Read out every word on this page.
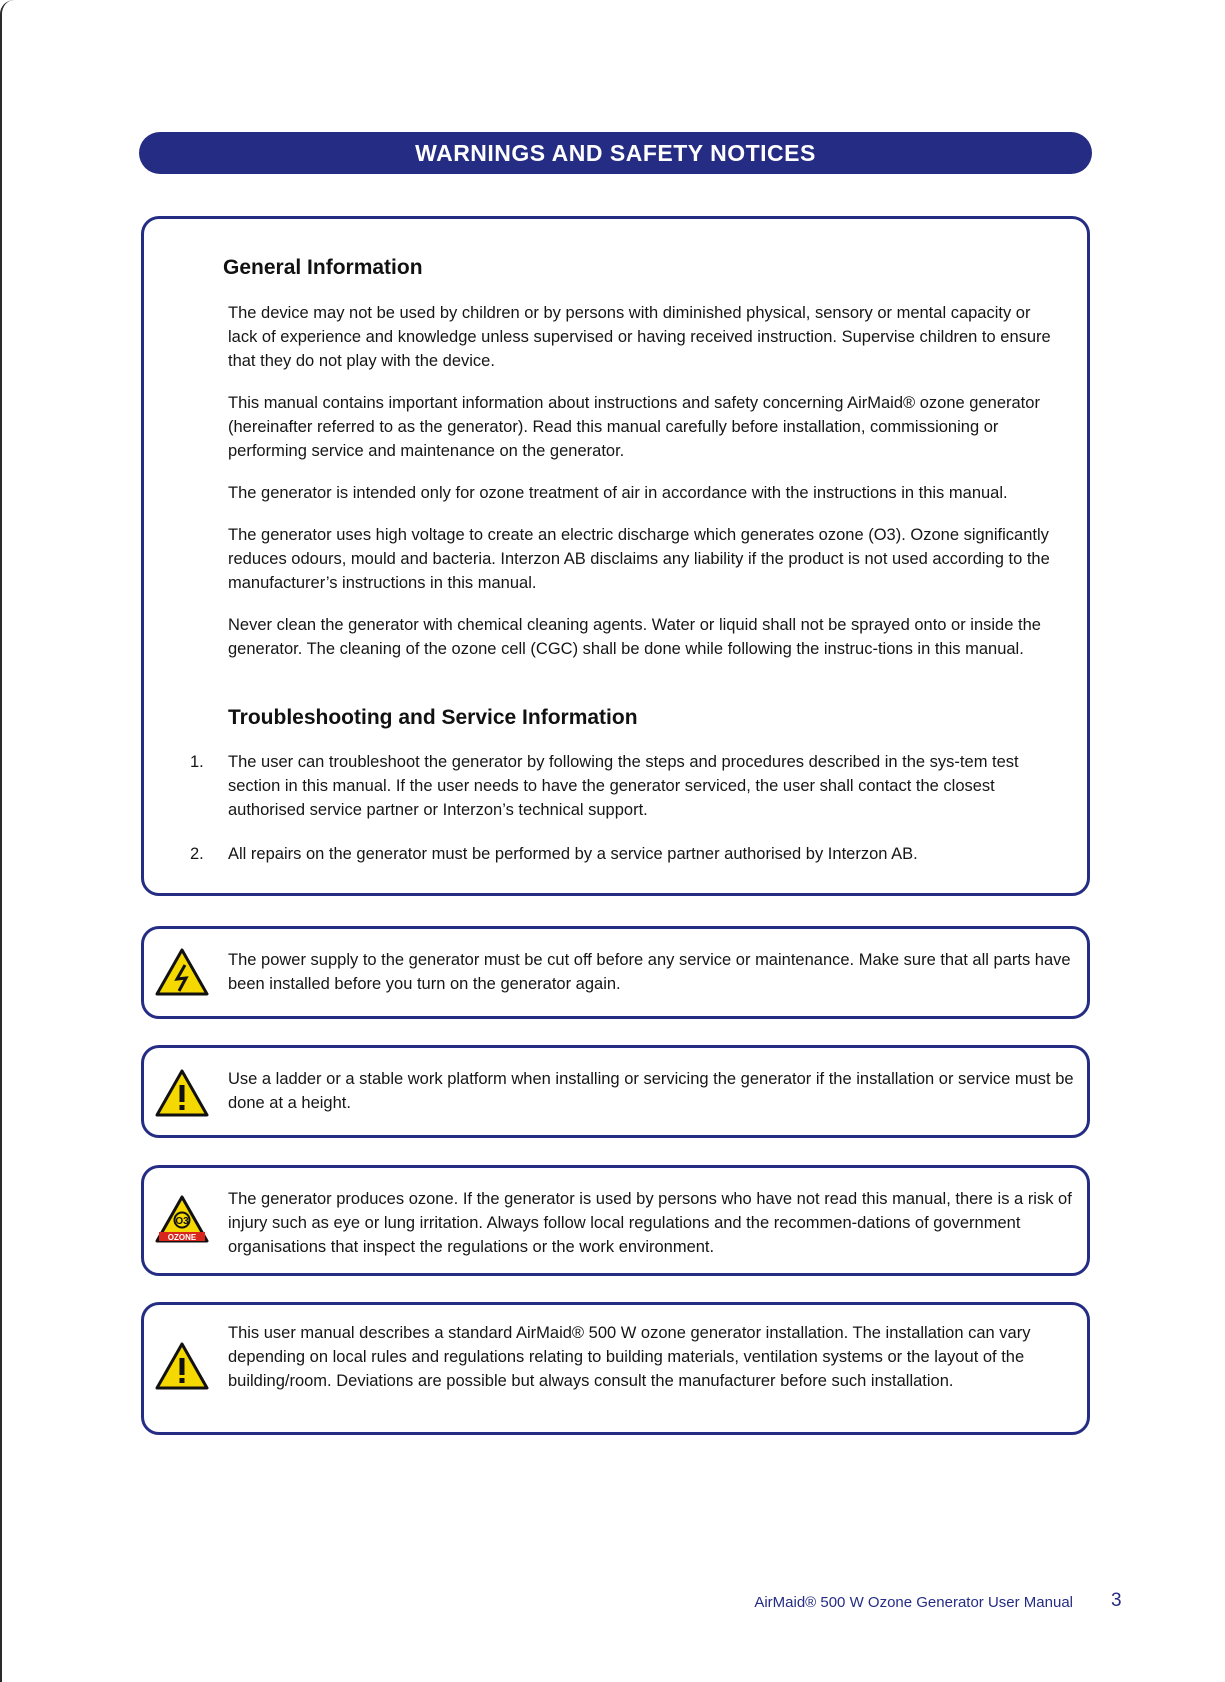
WARNINGS AND SAFETY NOTICES
General Information

The device may not be used by children or by persons with diminished physical, sensory or mental capacity or lack of experience and knowledge unless supervised or having received instruction. Supervise children to ensure that they do not play with the device.

This manual contains important information about instructions and safety concerning AirMaid® ozone generator (hereinafter referred to as the generator). Read this manual carefully before installation, commissioning or performing service and maintenance on the generator.

The generator is intended only for ozone treatment of air in accordance with the instructions in this manual.

The generator uses high voltage to create an electric discharge which generates ozone (O3). Ozone significantly reduces odours, mould and bacteria. Interzon AB disclaims any liability if the product is not used according to the manufacturer’s instructions in this manual.

Never clean the generator with chemical cleaning agents. Water or liquid shall not be sprayed onto or inside the generator. The cleaning of the ozone cell (CGC) shall be done while following the instruc-tions in this manual.

Troubleshooting and Service Information
1. The user can troubleshoot the generator by following the steps and procedures described in the sys-tem test section in this manual. If the user needs to have the generator serviced, the user shall contact the closest authorised service partner or Interzon’s technical support.
2. All repairs on the generator must be performed by a service partner authorised by Interzon AB.
The power supply to the generator must be cut off before any service or maintenance. Make sure that all parts have been installed before you turn on the generator again.
Use a ladder or a stable work platform when installing or servicing the generator if the installation or service must be done at a height.
O3
OZONE
The generator produces ozone. If the generator is used by persons who have not read this manual, there is a risk of injury such as eye or lung irritation. Always follow local regulations and the recommen-dations of government organisations that inspect the regulations or the work environment.
This user manual describes a standard AirMaid® 500 W ozone generator installation. The installation can vary depending on local rules and regulations relating to building materials, ventilation systems or the layout of the building/room. Deviations are possible but always consult the manufacturer before such installation.
AirMaid® 500 W Ozone Generator User Manual 3
